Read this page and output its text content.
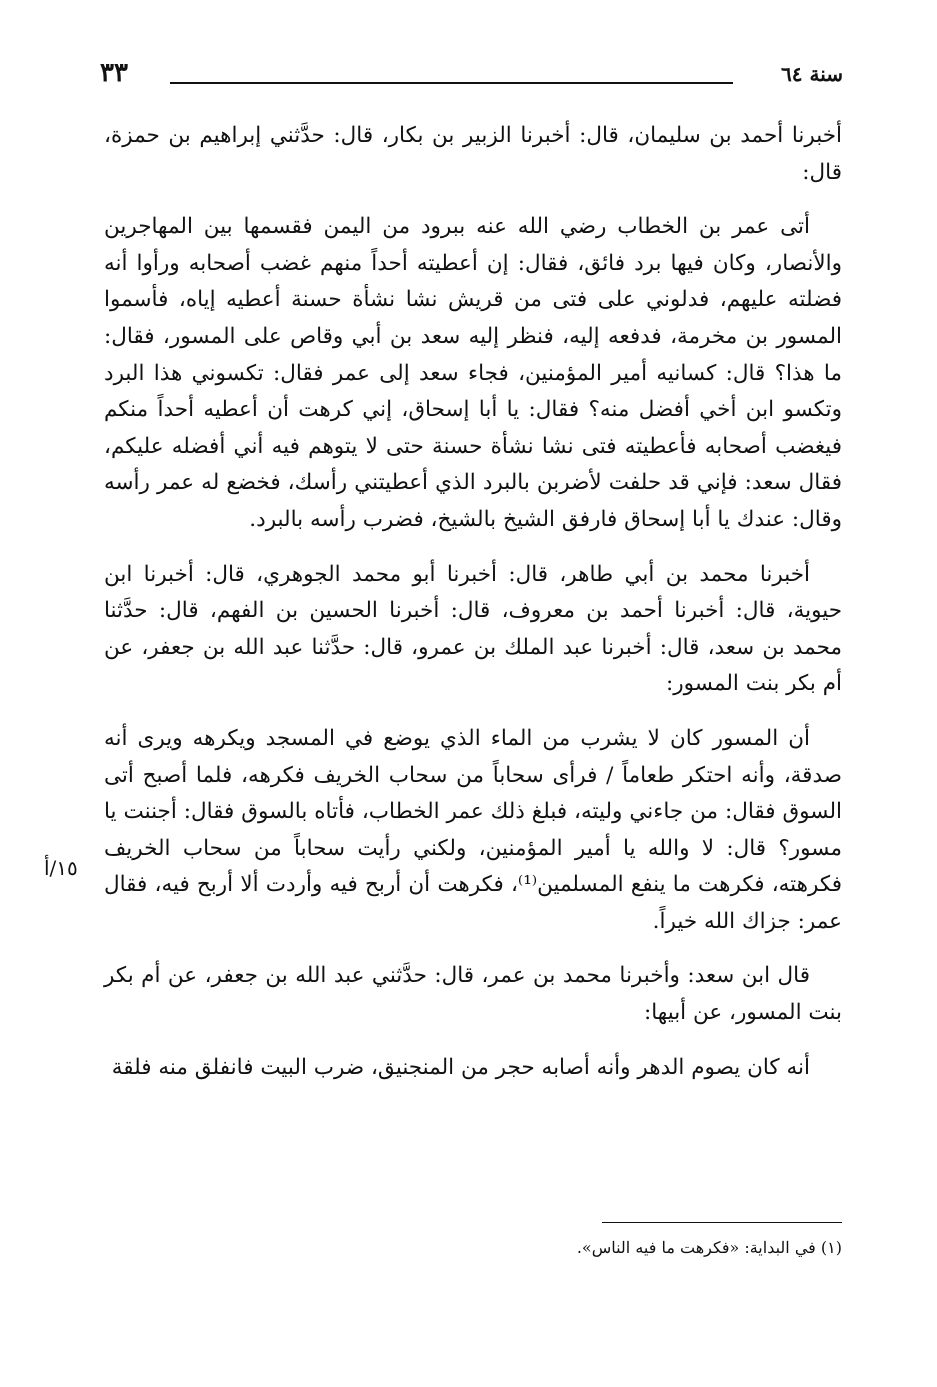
سنة ٦٤
٣٣

أخبرنا أحمد بن سليمان، قال: أخبرنا الزبير بن بكار، قال: حدَّثني إبراهيم بن حمزة، قال:

أتى عمر بن الخطاب رضي الله عنه ببرود من اليمن فقسمها بين المهاجرين والأنصار، وكان فيها برد فائق، فقال: إن أعطيته أحداً منهم غضب أصحابه ورأوا أنه فضلته عليهم، فدلوني على فتى من قريش نشا نشأة حسنة أعطيه إياه، فأسموا المسور بن مخرمة، فدفعه إليه، فنظر إليه سعد بن أبي وقاص على المسور، فقال: ما هذا؟ قال: كسانيه أمير المؤمنين، فجاء سعد إلى عمر فقال: تكسوني هذا البرد وتكسو ابن أخي أفضل منه؟ فقال: يا أبا إسحاق، إني كرهت أن أعطيه أحداً منكم فيغضب أصحابه فأعطيته فتى نشا نشأة حسنة حتى لا يتوهم فيه أني أفضله عليكم، فقال سعد: فإني قد حلفت لأضربن بالبرد الذي أعطيتني رأسك، فخضع له عمر رأسه وقال: عندك يا أبا إسحاق فارفق الشيخ بالشيخ، فضرب رأسه بالبرد.

أخبرنا محمد بن أبي طاهر، قال: أخبرنا أبو محمد الجوهري، قال: أخبرنا ابن حيوية، قال: أخبرنا أحمد بن معروف، قال: أخبرنا الحسين بن الفهم، قال: حدَّثنا محمد بن سعد، قال: أخبرنا عبد الملك بن عمرو، قال: حدَّثنا عبد الله بن جعفر، عن أم بكر بنت المسور:

أن المسور كان لا يشرب من الماء الذي يوضع في المسجد ويكرهه ويرى أنه صدقة، وأنه احتكر طعاماً / فرأى سحاباً من سحاب الخريف فكرهه، فلما أصبح أتى السوق فقال: من جاءني وليته، فبلغ ذلك عمر الخطاب، فأتاه بالسوق فقال: أجننت يا مسور؟ قال: لا والله يا أمير المؤمنين، ولكني رأيت سحاباً من سحاب الخريف فكرهته، فكرهت ما ينفع المسلمين⁽¹⁾، فكرهت أن أربح فيه وأردت ألا أربح فيه، فقال عمر: جزاك الله خيراً.

قال ابن سعد: وأخبرنا محمد بن عمر، قال: حدَّثني عبد الله بن جعفر، عن أم بكر بنت المسور، عن أبيها:

أنه كان يصوم الدهر وأنه أصابه حجر من المنجنيق، ضرب البيت فانفلق منه فلقة

١٥/أ
(١) في البداية: «فكرهت ما فيه الناس».
